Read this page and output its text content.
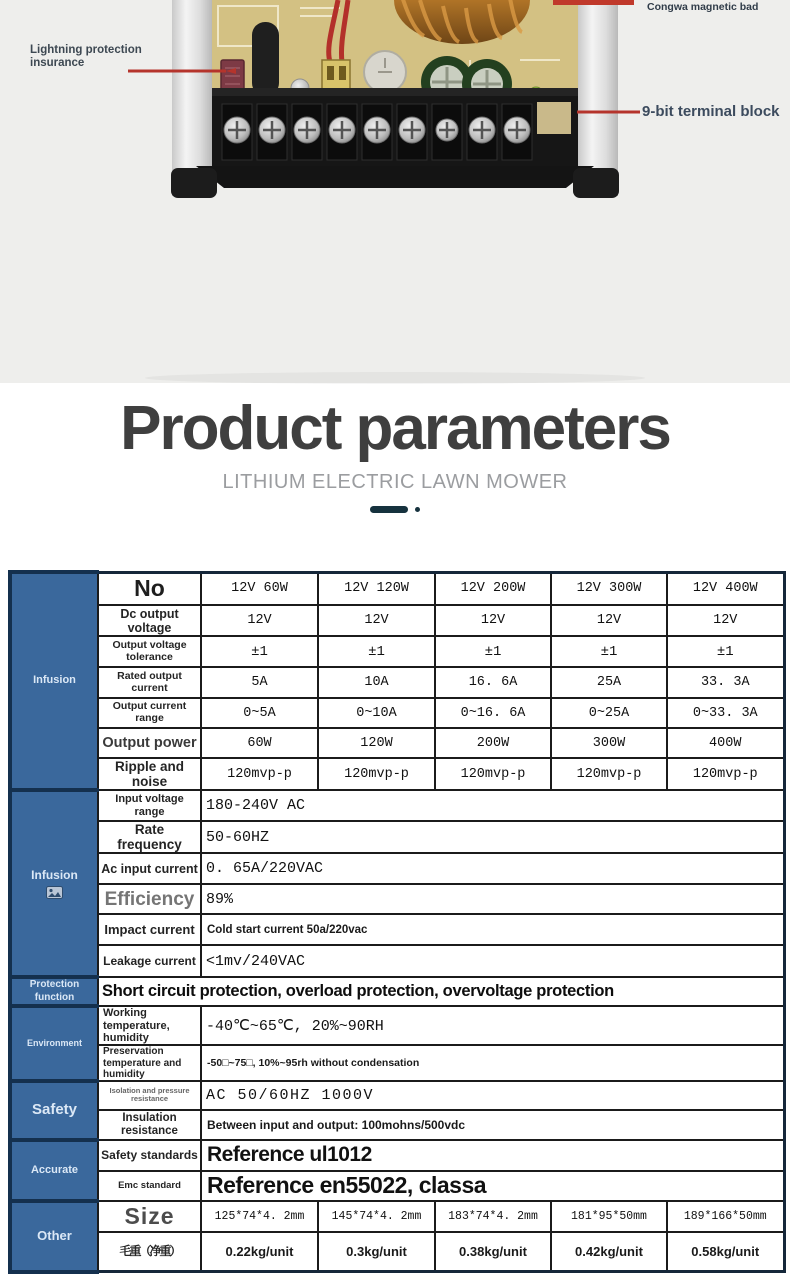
Lightning protection insurance
Congwa magnetic bad
9-bit terminal block
Product parameters
LITHIUM ELECTRIC LAWN MOWER
Infusion	No	12V 60W	12V 120W	12V 200W	12V 300W	12V 400W
	Dc output voltage	12V	12V	12V	12V	12V
	Output voltage tolerance	±1	±1	±1	±1	±1
	Rated output current	5A	10A	16. 6A	25A	33. 3A
	Output current range	0~5A	0~10A	0~16. 6A	0~25A	0~33. 3A
	Output power	60W	120W	200W	300W	400W
	Ripple and noise	120mvp-p	120mvp-p	120mvp-p	120mvp-p	120mvp-p
Infusion	Input voltage range	180-240V AC				
	Rate frequency	50-60HZ				
	Ac input current	0. 65A/220VAC				
	Efficiency	89%				
	Impact current	Cold start current 50a/220vac				
	Leakage current	<1mv/240VAC				
Protection function	Short circuit protection, overload protection, overvoltage protection					
Environment	Working temperature, humidity	-40℃~65℃, 20%~90RH				
	Preservation temperature and humidity	-50□~75□, 10%~95rh without condensation				
Safety	Isolation and pressure resistance	AC 50/60HZ 1000V				
	Insulation resistance	Between input and output: 100mohns/500vdc				
Accurate	Safety standards	Reference ul1012				
	Emc standard	Reference en55022, classa				
Other	Size	125*74*4. 2mm	145*74*4. 2mm	183*74*4. 2mm	181*95*50mm	189*166*50mm
	毛重（净重）	0.22kg/unit	0.3kg/unit	0.38kg/unit	0.42kg/unit	0.58kg/unit
